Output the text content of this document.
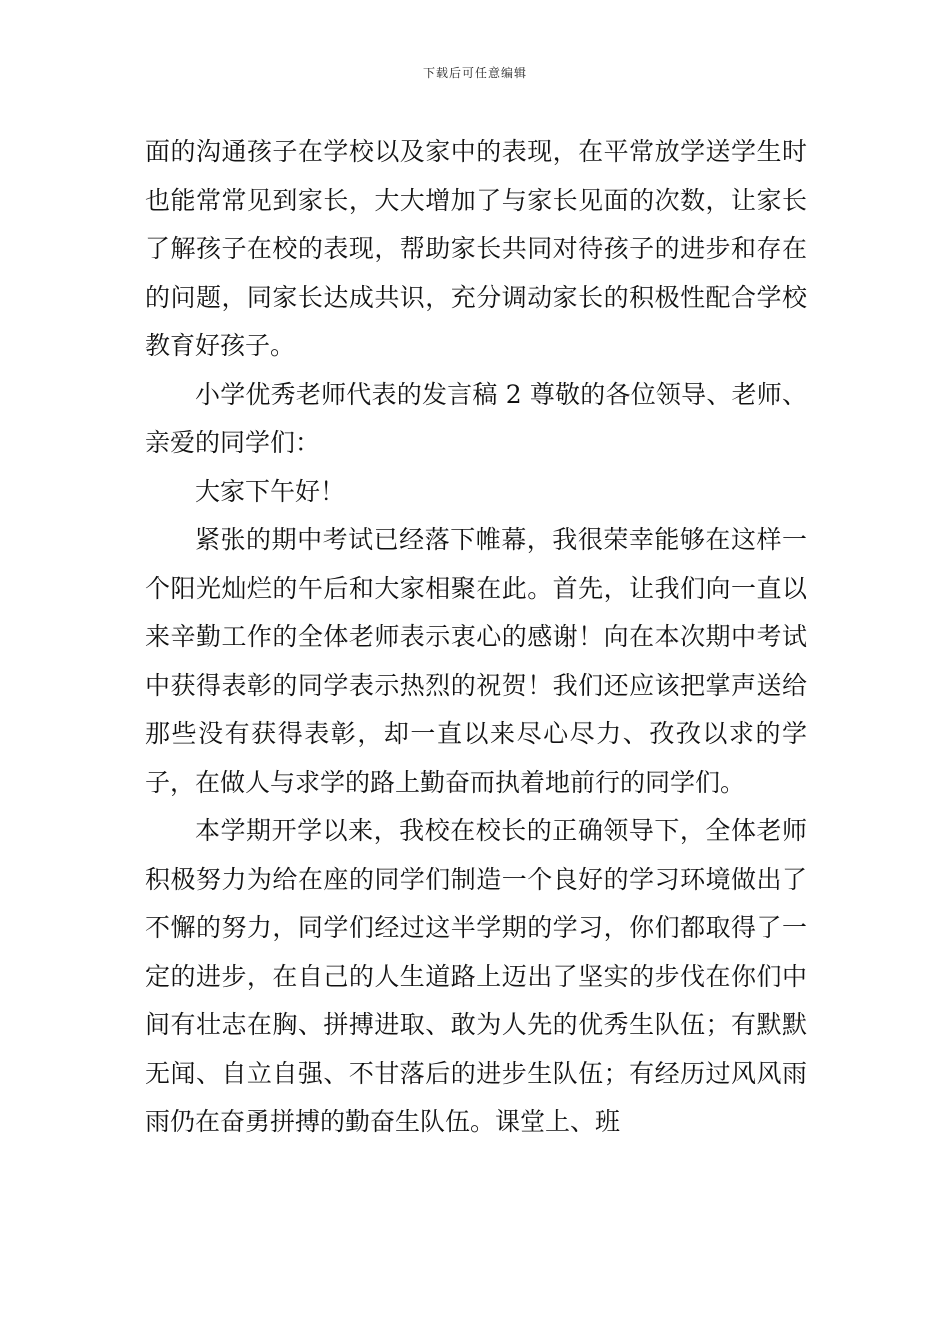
下载后可任意编辑

面的沟通孩子在学校以及家中的表现，在平常放学送学生时也能常常见到家长，大大增加了与家长见面的次数，让家长了解孩子在校的表现，帮助家长共同对待孩子的进步和存在的问题，同家长达成共识，充分调动家长的积极性配合学校教育好孩子。

小学优秀老师代表的发言稿 2 尊敬的各位领导、老师、亲爱的同学们：

大家下午好！

紧张的期中考试已经落下帷幕，我很荣幸能够在这样一个阳光灿烂的午后和大家相聚在此。首先，让我们向一直以来辛勤工作的全体老师表示衷心的感谢！向在本次期中考试中获得表彰的同学表示热烈的祝贺！我们还应该把掌声送给那些没有获得表彰，却一直以来尽心尽力、孜孜以求的学子，在做人与求学的路上勤奋而执着地前行的同学们。

本学期开学以来，我校在校长的正确领导下，全体老师积极努力为给在座的同学们制造一个良好的学习环境做出了不懈的努力，同学们经过这半学期的学习，你们都取得了一定的进步，在自己的人生道路上迈出了坚实的步伐在你们中间有壮志在胸、拼搏进取、敢为人先的优秀生队伍；有默默无闻、自立自强、不甘落后的进步生队伍；有经历过风风雨雨仍在奋勇拼搏的勤奋生队伍。课堂上、班
